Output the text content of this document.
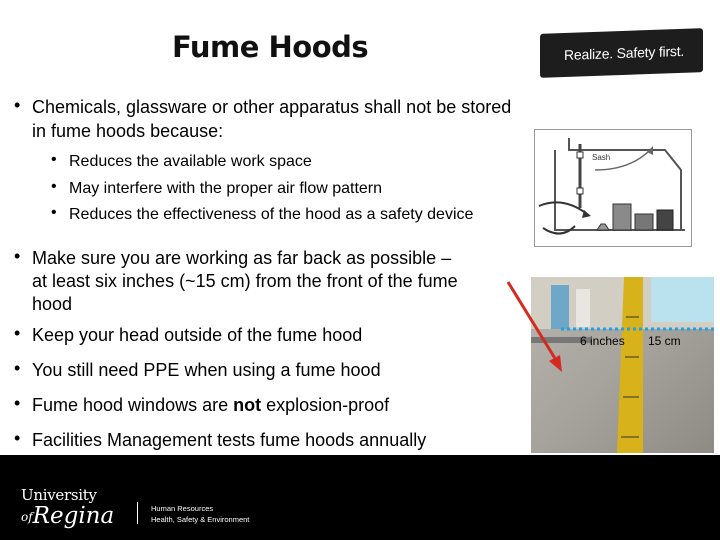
Fume Hoods	Realize. Safety first.
• Chemicals, glassware or other apparatus shall not be stored
in fume hoods because:
• Reduces the available work space
• May interfere with the proper air flow pattern
• Reduces the effectiveness of the hood as a safety device
• Make sure you are working as far back as possible –
at least six inches (~15 cm) from the front of the fume
hood
• Keep your head outside of the fume hood
• You still need PPE when using a fume hood
• Fume hood windows are not explosion-proof
• Facilities Management tests fume hoods annually
Sash
6 inches 15 cm
University
ofRegina	Human Resources
Health, Safety & Environment
